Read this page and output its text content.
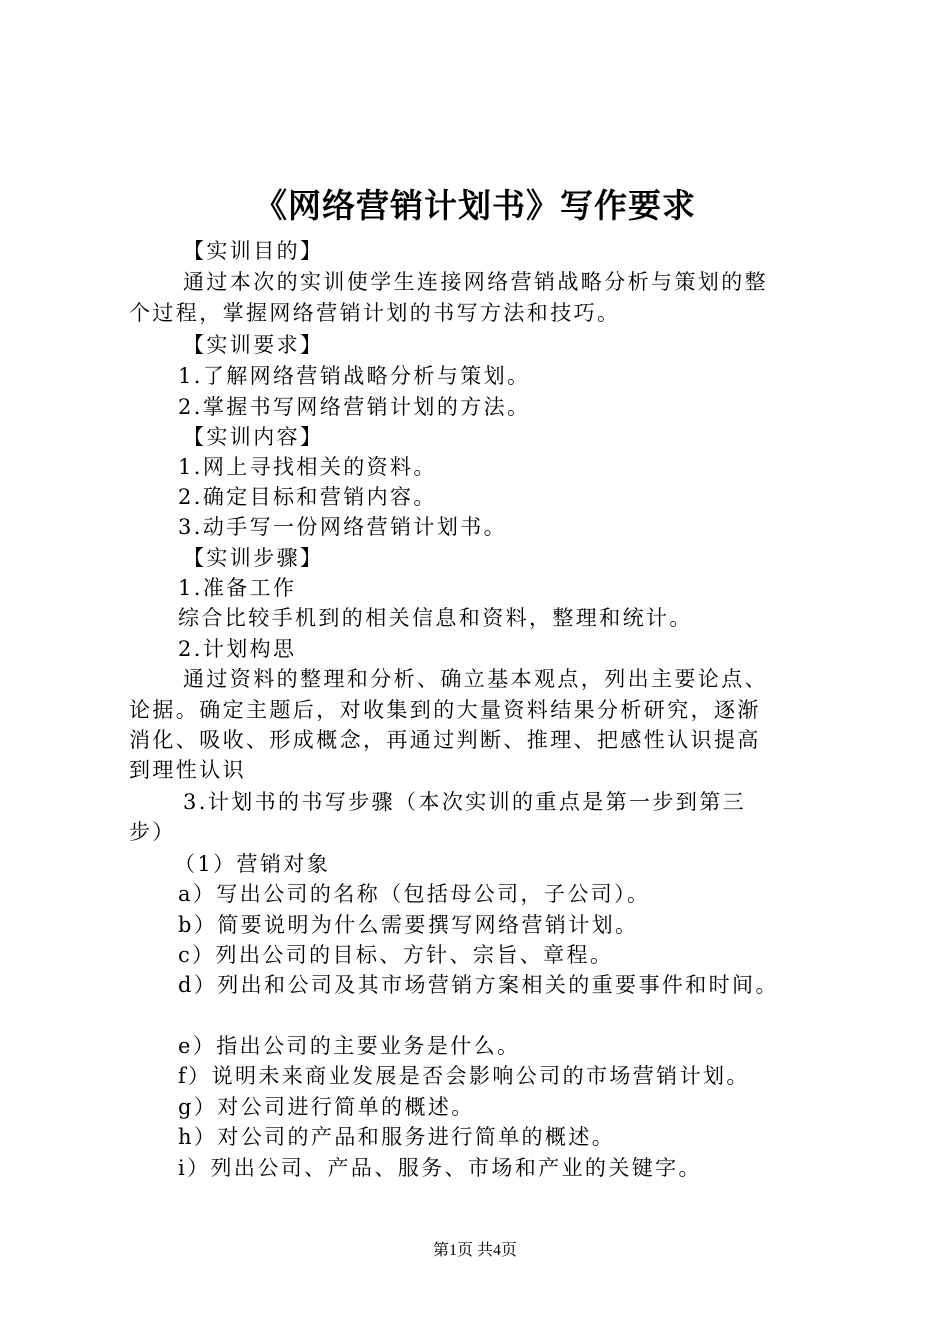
《网络营销计划书》写作要求
【实训目的】
通过本次的实训使学生连接网络营销战略分析与策划的整
个过程，掌握网络营销计划的书写方法和技巧。
【实训要求】
1.了解网络营销战略分析与策划。
2.掌握书写网络营销计划的方法。
【实训内容】
1.网上寻找相关的资料。
2.确定目标和营销内容。
3.动手写一份网络营销计划书。
【实训步骤】
1.准备工作
综合比较手机到的相关信息和资料，整理和统计。
2.计划构思
通过资料的整理和分析、确立基本观点，列出主要论点、
论据。确定主题后，对收集到的大量资料结果分析研究，逐渐
消化、吸收、形成概念，再通过判断、推理、把感性认识提高
到理性认识
3.计划书的书写步骤（本次实训的重点是第一步到第三
步）
（1）营销对象
a）写出公司的名称（包括母公司，子公司）。
b）简要说明为什么需要撰写网络营销计划。
c）列出公司的目标、方针、宗旨、章程。
d）列出和公司及其市场营销方案相关的重要事件和时间。
e）指出公司的主要业务是什么。
f）说明未来商业发展是否会影响公司的市场营销计划。
g）对公司进行简单的概述。
h）对公司的产品和服务进行简单的概述。
i）列出公司、产品、服务、市场和产业的关键字。
第1页 共4页
